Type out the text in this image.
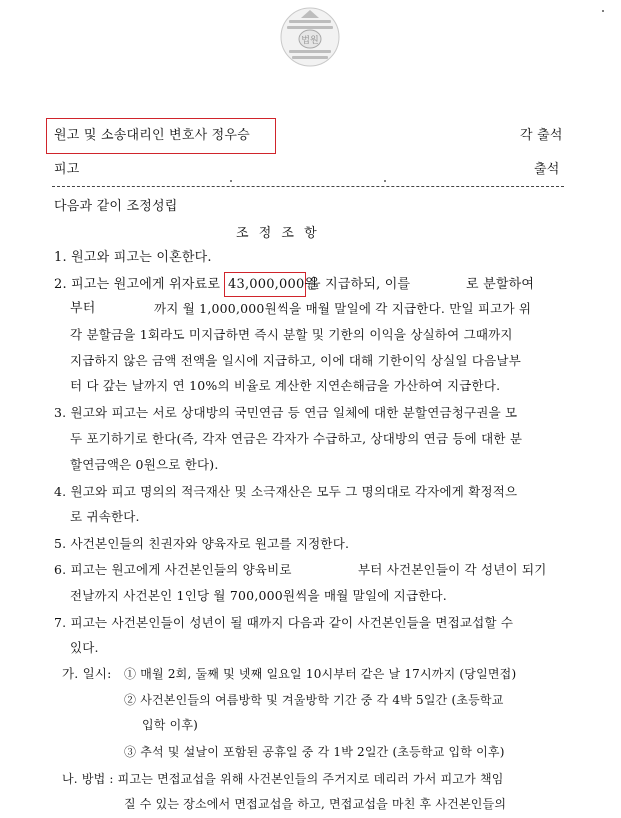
법원
원고 및 소송대리인 변호사 정우승	각 출석
피고	출석
다음과 같이 조정성립
조 정 조 항
1. 원고와 피고는 이혼한다.
2. 피고는 원고에게 위자료로 43,000,000원
을 지급하되, 이를	로 분할하여
부터	까지 월 1,000,000원씩을 매월 말일에 각 지급한다. 만일 피고가 위
각 분할금을 1회라도 미지급하면 즉시 분할 및 기한의 이익을 상실하여 그때까지
지급하지 않은 금액 전액을 일시에 지급하고, 이에 대해 기한이익 상실일 다음날부
터 다 갚는 날까지 연 10%의 비율로 계산한 지연손해금을 가산하여 지급한다.
3. 원고와 피고는 서로 상대방의 국민연금 등 연금 일체에 대한 분할연금청구권을 모
두 포기하기로 한다(즉, 각자 연금은 각자가 수급하고, 상대방의 연금 등에 대한 분
할연금액은 0원으로 한다).
4. 원고와 피고 명의의 적극재산 및 소극재산은 모두 그 명의대로 각자에게 확정적으
로 귀속한다.
5. 사건본인들의 친권자와 양육자로 원고를 지정한다.
6. 피고는 원고에게 사건본인들의 양육비로	부터 사건본인들이 각 성년이 되기
전날까지 사건본인 1인당 월 700,000원씩을 매월 말일에 지급한다.
7. 피고는 사건본인들이 성년이 될 때까지 다음과 같이 사건본인들을 면접교섭할 수
있다.
가. 일시: ① 매월 2회, 둘째 및 넷째 일요일 10시부터 같은 날 17시까지 (당일면접)
② 사건본인들의 여름방학 및 겨울방학 기간 중 각 4박 5일간 (초등학교
입학 이후)
③ 추석 및 설날이 포함된 공휴일 중 각 1박 2일간 (초등학교 입학 이후)
나. 방법 : 피고는 면접교섭을 위해 사건본인들의 주거지로 데리러 가서 피고가 책임
질 수 있는 장소에서 면접교섭을 하고, 면접교섭을 마친 후 사건본인들의
